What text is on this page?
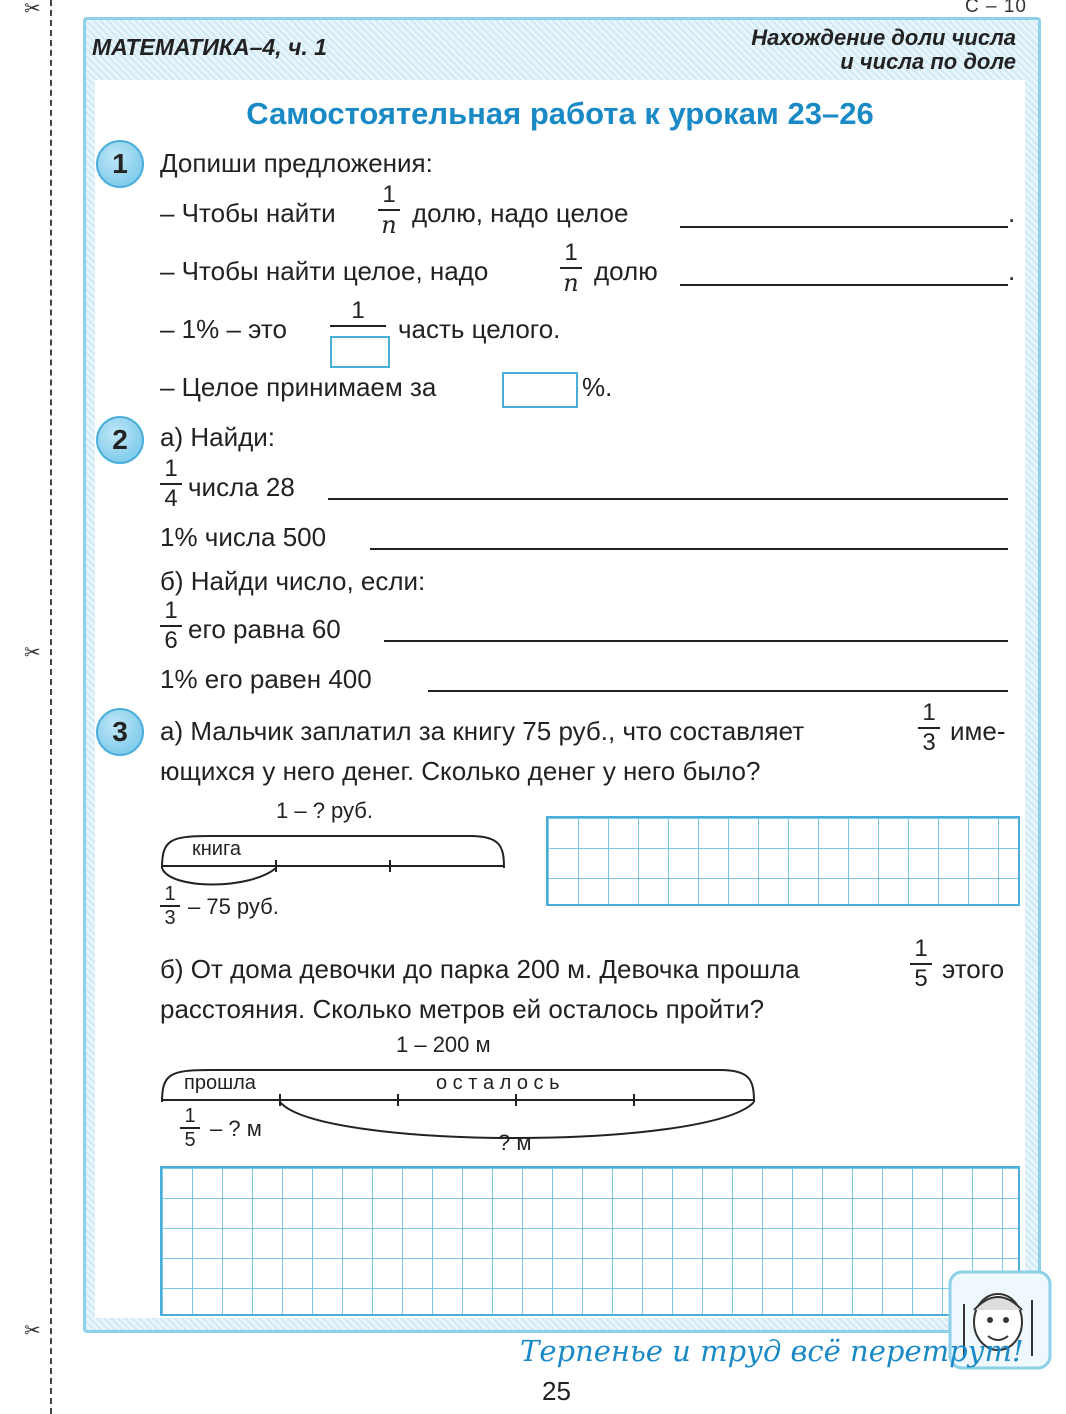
✂
✂
✂
С – 10
МАТЕМАТИКА–4, ч. 1	Нахождение доли числа
и числа по доле
Самостоятельная работа к урокам 23–26
1	Допиши предложения:
– Чтобы найти
1
n долю, надо целое	.
– Чтобы найти целое, надо
1
n долю	.
– 1% – это
1
часть целого.
– Целое принимаем за	%.
2	а) Найди:
1
4 числа 28
1% числа 500
б) Найди число, если:
1
6 его равна 60
1% его равен 400
3	а) Мальчик заплатил за книгу 75 руб., что составляет
1
3 име-
ющихся у него денег. Сколько денег у него было?
1 – ? руб.
книга
1
3 – 75 руб.
б) От дома девочки до парка 200 м. Девочка прошла
1
5 этого
расстояния. Сколько метров ей осталось пройти?
1 – 200 м
прошла	о с т а л о с ь
1
5 – ? м
? м
Терпенье и труд всё перетрут!
25
